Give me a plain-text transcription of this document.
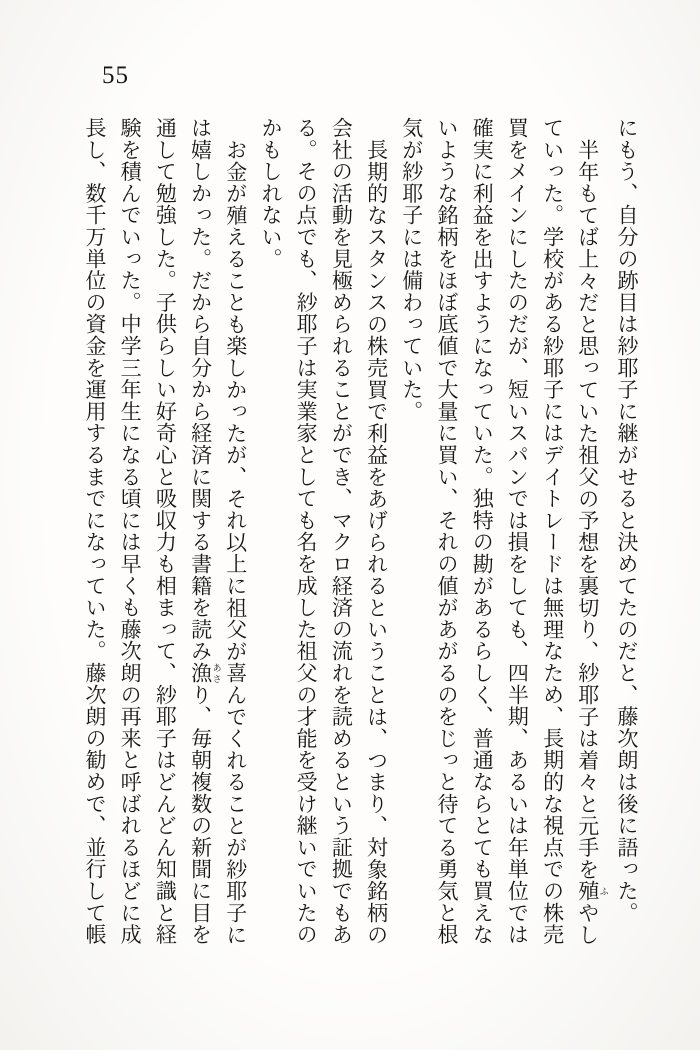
55

にもう、自分の跡目は紗耶子に継がせると決めてたのだと、藤次朗は後に語った。

半年もてば上々だと思っていた祖父の予想を裏切り、紗耶子は着々と元手を殖 ふやしていった。学校がある紗耶子にはデイトレードは無理なため、長期的な視点での株売買をメインにしたのだが、短いスパンでは損をしても、四半期、あるいは年単位では確実に利益を出すようになっていた。独特の勘があるらしく、普通ならとても買えないような銘柄をほぼ底値で大量に買い、それの値があがるのをじっと待てる勇気と根気が紗耶子には備わっていた。

長期的なスタンスの株売買で利益をあげられるということは、つまり、対象銘柄の会社の活動を見極められることができ、マクロ経済の流れを読めるという証拠でもある。その点でも、紗耶子は実業家としても名を成した祖父の才能を受け継いでいたのかもしれない。

お金が殖えることも楽しかったが、それ以上に祖父が喜んでくれることが紗耶子には嬉しかった。だから自分から経済に関する書籍を読み漁 あさり、毎朝複数の新聞に目を通して勉強した。子供らしい好奇心と吸収力も相まって、紗耶子はどんどん知識と経験を積んでいった。中学三年生になる頃には早くも藤次朗の再来と呼ばれるほどに成長し、数千万単位の資金を運用するまでになっていた。藤次朗の勧めで、並行して帳
